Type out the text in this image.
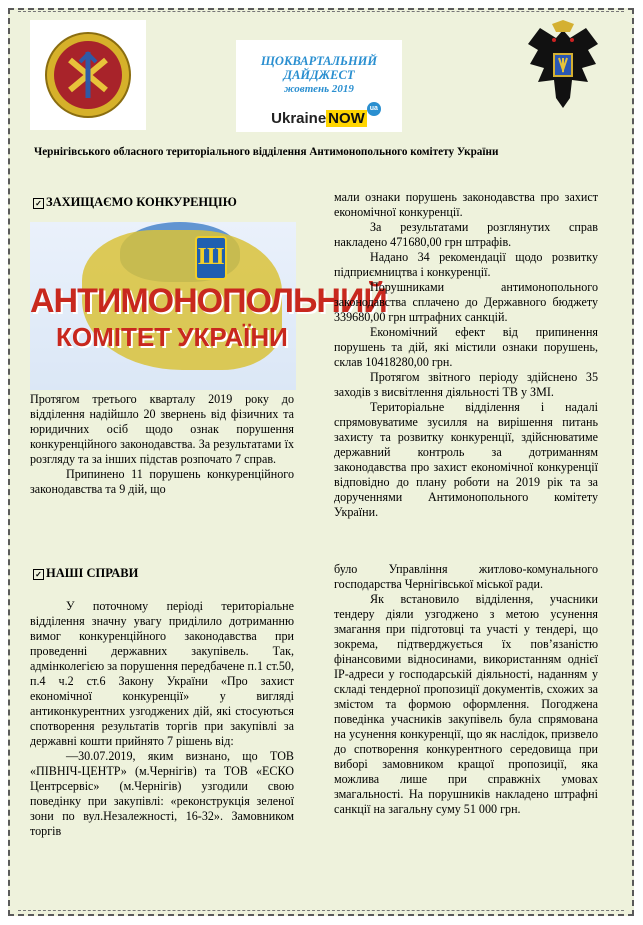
ЩОКВАРТАЛЬНИЙ ДАЙДЖЕСТ
жовтень 2019
Ukraine NOW
ua
Чернігівського обласного територіального відділення Антимонопольного комітету України
✓ ЗАХИЩАЄМО КОНКУРЕНЦІЮ
Ш
АНТИМОНОПОЛЬНИЙ
КОМІТЕТ УКРАЇНИ

Протягом третього кварталу 2019 року до відділення надійшло 20 звернень від фізичних та юридичних осіб щодо ознак порушення конкуренційного законодавства. За результатами їх розгляду та за інших підстав розпочато 7 справ.

Припинено 11 порушень конкуренційного законодавства та 9 дій, що

мали ознаки порушень законодавства про захист економічної конкуренції.

За результатами розглянутих справ накладено 471680,00 грн штрафів.

Надано 34 рекомендації щодо розвитку підприємництва і конкуренції.

Порушниками антимонопольного законодавства сплачено до Державного бюджету 339680,00 грн штрафних санкцій.

Економічний ефект від припинення порушень та дій, які містили ознаки порушень, склав 10418280,00 грн.

Протягом звітного періоду здійснено 35 заходів з висвітлення діяльності ТВ у ЗМІ.

Територіальне відділення і надалі спрямовуватиме зусилля на вирішення питань захисту та розвитку конкуренції, здійснюватиме державний контроль за дотриманням законодавства про захист економічної конкуренції відповідно до плану роботи на 2019 рік та за дорученнями Антимонопольного комітету України.

✓ НАШІ СПРАВИ

У поточному періоді територіальне відділення значну увагу приділило дотриманню вимог конкуренційного законодавства при проведенні державних закупівель. Так, адмінколегією за порушення передбачене п.1 ст.50, п.4 ч.2 ст.6 Закону України «Про захист економічної конкуренції» у вигляді антиконкурентних узгоджених дій, які стосуються спотворення результатів торгів при закупівлі за державні кошти прийнято 7 рішень від:

—30.07.2019, яким визнано, що ТОВ «ПІВНІЧ-ЦЕНТР» (м.Чернігів) та ТОВ «ЕСКО Центрсервіс» (м.Чернігів) узгодили свою поведінку при закупівлі: «реконструкція зеленої зони по вул.Незалежності, 16-32». Замовником торгів

було Управління житлово-комунального господарства Чернігівської міської ради.

Як встановило відділення, учасники тендеру діяли узгоджено з метою усунення змагання при підготовці та участі у тендері, що зокрема, підтверджується їх пов’язаністю фінансовими відносинами, використанням однієї IP-адреси у господарській діяльності, наданням у складі тендерної пропозиції документів, схожих за змістом та формою оформлення. Погоджена поведінка учасників закупівель була спрямована на усунення конкуренції, що як наслідок, призвело до спотворення конкурентного середовища при виборі замовником кращої пропозиції, яка можлива лише при справжніх умовах змагальності. На порушників накладено штрафні санкції на загальну суму 51 000 грн.
